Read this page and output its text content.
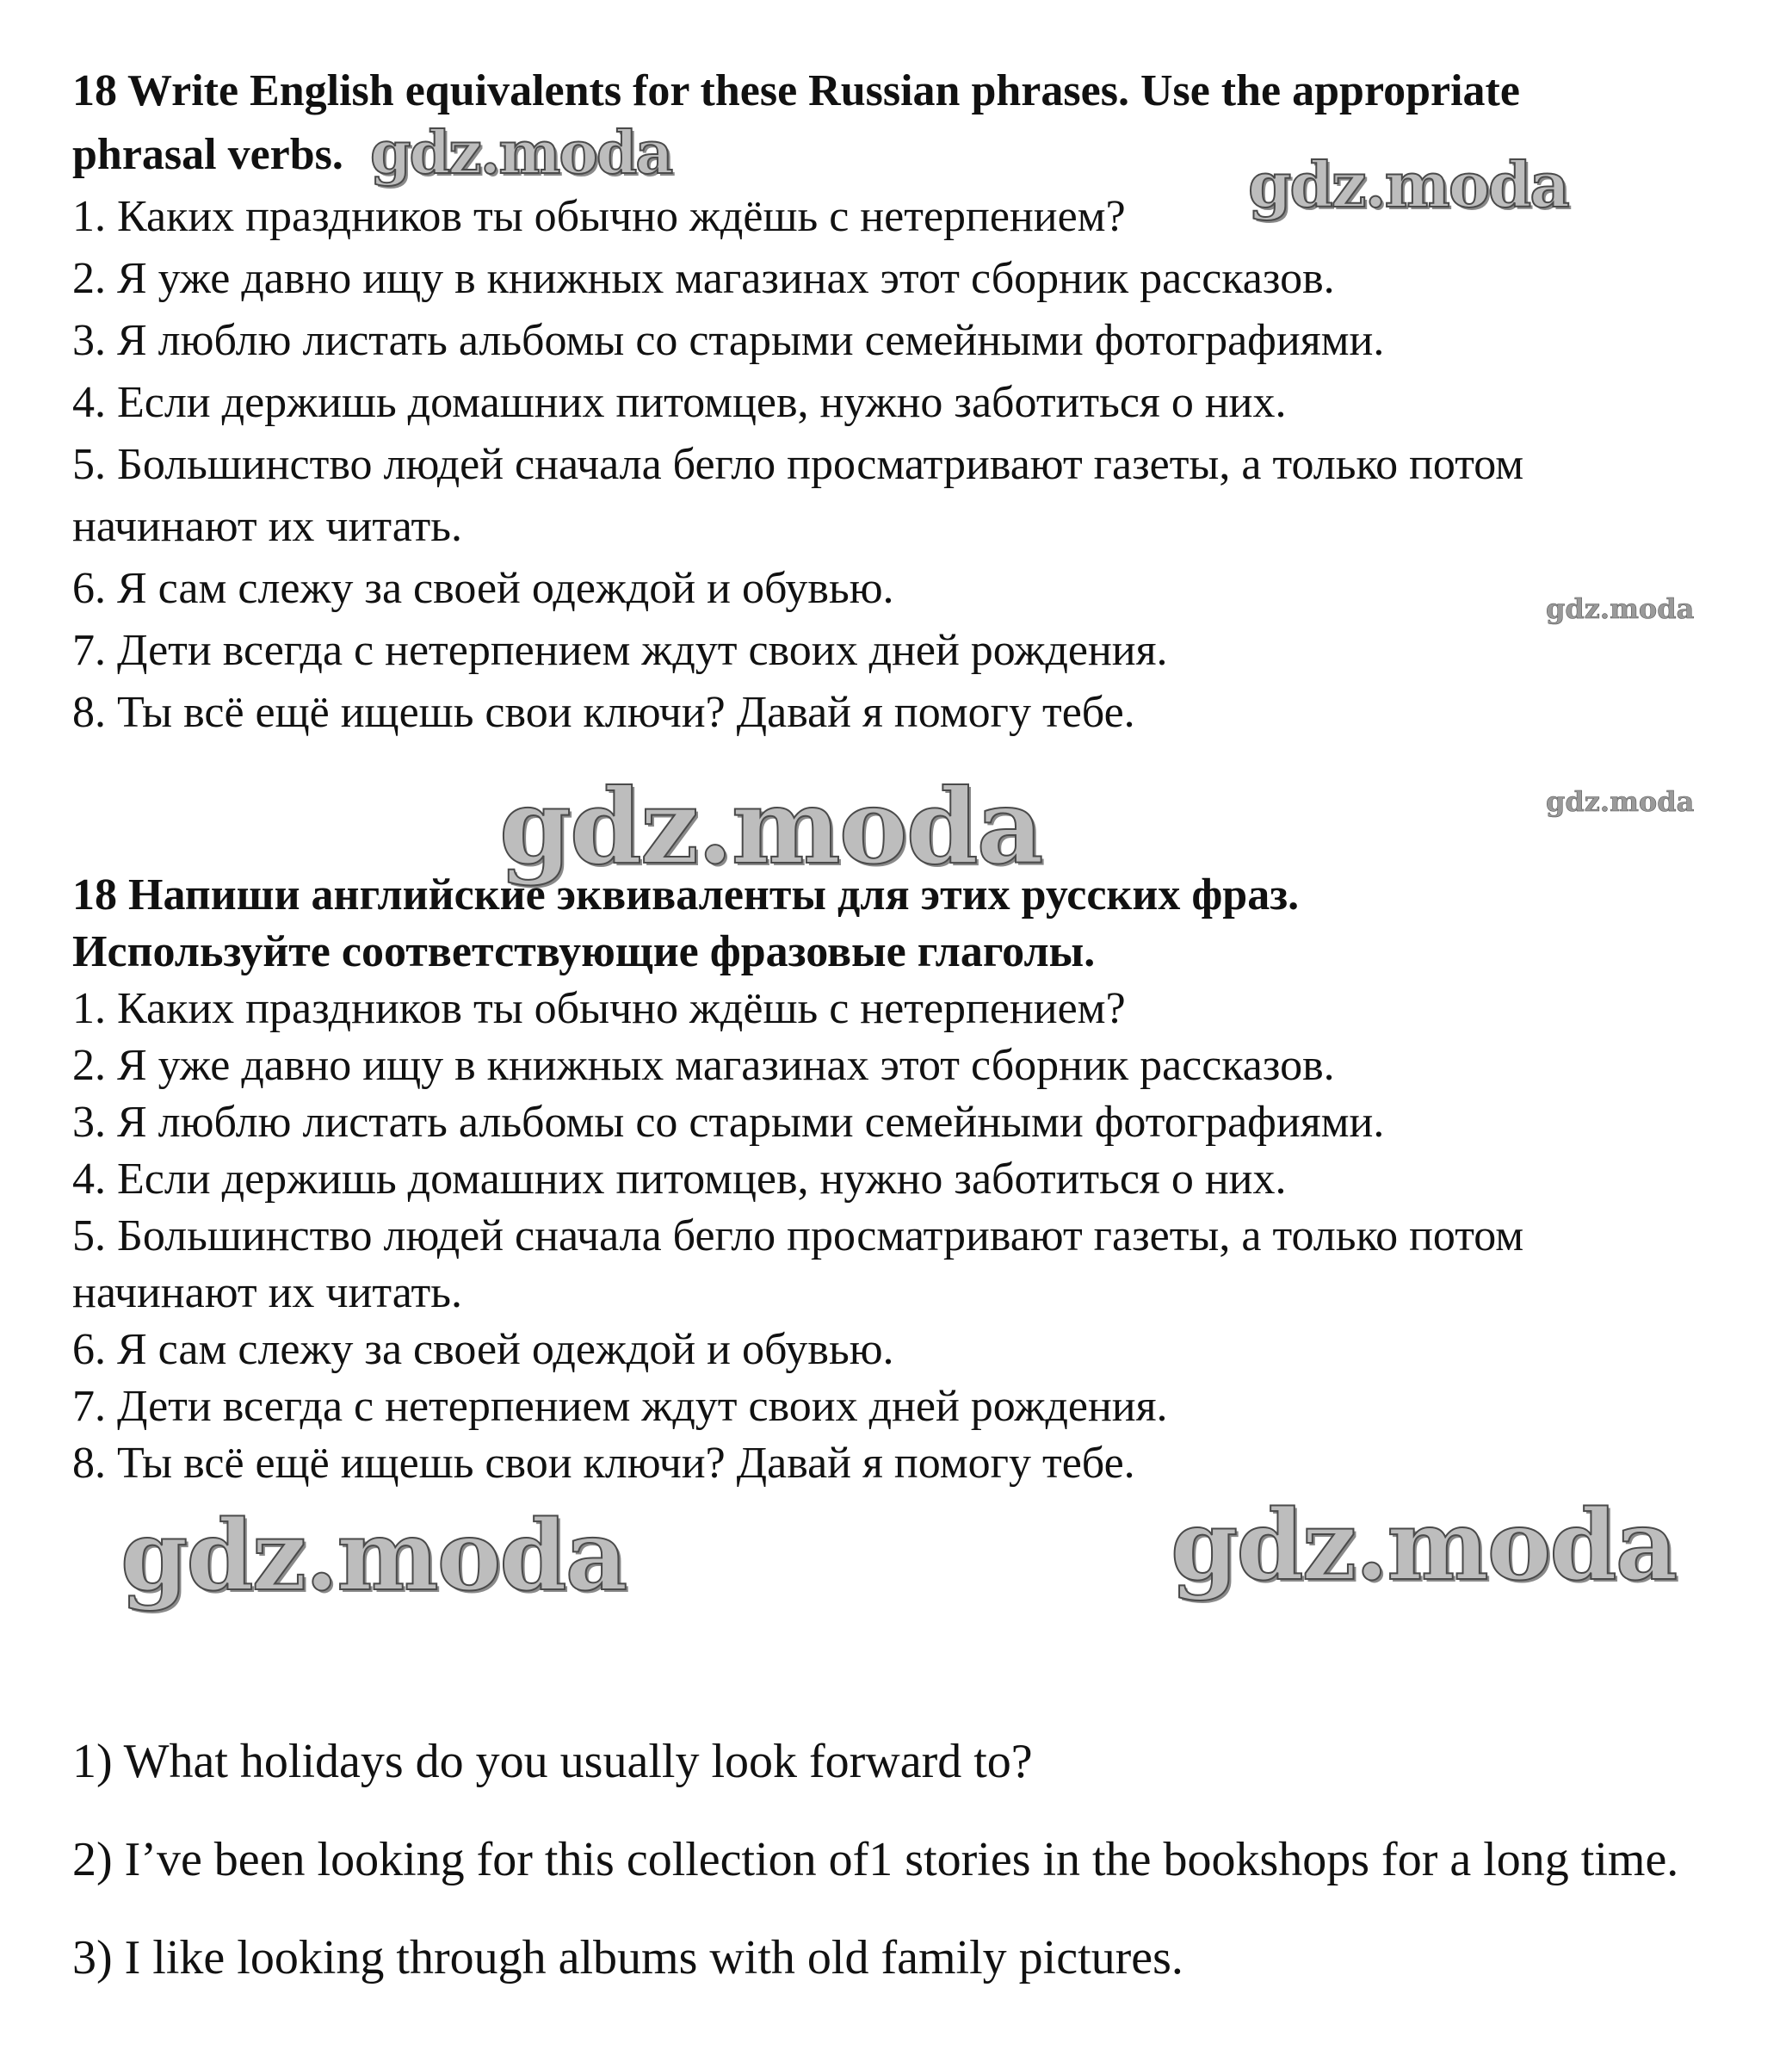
18 Write English equivalents for these Russian phrases. Use the appropriate
phrasal verbs.
1. Каких праздников ты обычно ждёшь с нетерпением?
2. Я уже давно ищу в книжных магазинах этот сборник рассказов.
3. Я люблю листать альбомы со старыми семейными фотографиями.
4. Если держишь домашних питомцев, нужно заботиться о них.
5. Большинство людей сначала бегло просматривают газеты, а только потом
начинают их читать.
6. Я сам слежу за своей одеждой и обувью.
7. Дети всегда с нетерпением ждут своих дней рождения.
8. Ты всё ещё ищешь свои ключи? Давай я помогу тебе.
18 Напиши английские эквиваленты для этих русских фраз.
Используйте соответствующие фразовые глаголы.
1. Каких праздников ты обычно ждёшь с нетерпением?
2. Я уже давно ищу в книжных магазинах этот сборник рассказов.
3. Я люблю листать альбомы со старыми семейными фотографиями.
4. Если держишь домашних питомцев, нужно заботиться о них.
5. Большинство людей сначала бегло просматривают газеты, а только потом
начинают их читать.
6. Я сам слежу за своей одеждой и обувью.
7. Дети всегда с нетерпением ждут своих дней рождения.
8. Ты всё ещё ищешь свои ключи? Давай я помогу тебе.
1) What holidays do you usually look forward to?
2) I’ve been looking for this collection of1 stories in the bookshops for a long time.
3) I like looking through albums with old family pictures.
gdz.moda	gdz.moda
gdz.moda
gdz.moda
gdz.moda
gdz.moda	gdz.moda
